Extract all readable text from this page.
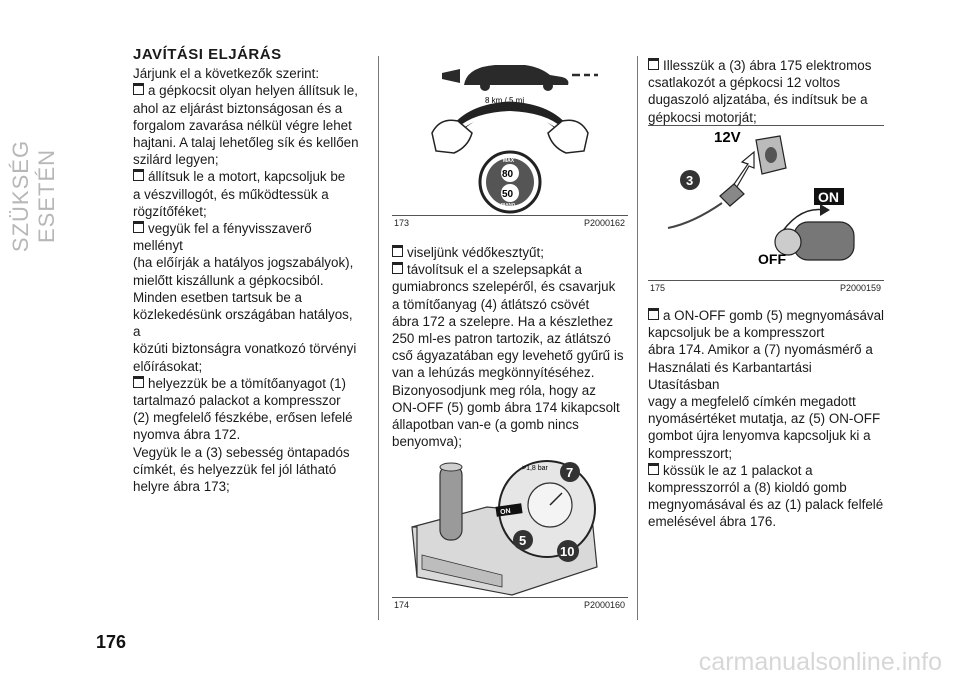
SZÜKSÉG ESETÉN

JAVÍTÁSI ELJÁRÁS

Járjunk el a következők szerint:

a gépkocsit olyan helyen állítsuk le,

ahol az eljárást biztonságosan és a

forgalom zavarása nélkül végre lehet

hajtani. A talaj lehetőleg sík és kellően

szilárd legyen;

állítsuk le a motort, kapcsoljuk be

a vészvillogót, és működtessük a

rögzítőféket;

vegyük fel a fényvisszaverő mellényt

(ha előírják a hatályos jogszabályok),

mielőtt kiszállunk a gépkocsiból.

Minden esetben tartsuk be a

közlekedésünk országában hatályos, a

közúti biztonságra vonatkozó törvényi

előírásokat;

helyezzük be a tömítőanyagot (1)

tartalmazó palackot a kompresszor

(2) megfelelő fészkébe, erősen lefelé

nyomva ábra 172.

Vegyük le a (3) sebesség öntapadós

címkét, és helyezzük fel jól látható

helyre ábra 173;

8 km / 5 mi
MAX
80
50
PIANO
173	P2000162

viseljünk védőkesztyűt;

távolítsuk el a szelepsapkát a

gumiabroncs szelepéről, és csavarjuk

a tömítőanyag (4) átlátszó csövét

ábra 172 a szelepre. Ha a készlethez

250 ml-es patron tartozik, az átlátszó

cső ágyazatában egy levehető gyűrű is

van a lehúzás megkönnyítéséhez.

Bizonyosodjunk meg róla, hogy az

ON-OFF (5) gomb ábra 174 kikapcsolt

állapotban van-e (a gomb nincs

benyomva);

>1,8 bar
ON
7
5
10
174	P2000160

Illesszük a (3) ábra 175 elektromos

csatlakozót a gépkocsi 12 voltos

dugaszoló aljzatába, és indítsuk be a

gépkocsi motorját;

12V
3
ON
OFF
175	P2000159

a ON-OFF gomb (5) megnyomásával

kapcsoljuk be a kompresszort

ábra 174. Amikor a (7) nyomásmérő a

Használati és Karbantartási Utasításban

vagy a megfelelő címkén megadott

nyomásértéket mutatja, az (5) ON-OFF

gombot újra lenyomva kapcsoljuk ki a

kompresszort;

kössük le az 1 palackot a

kompresszorról a (8) kioldó gomb

megnyomásával és az (1) palack felfelé

emelésével ábra 176.

176
carmanualsonline.info
